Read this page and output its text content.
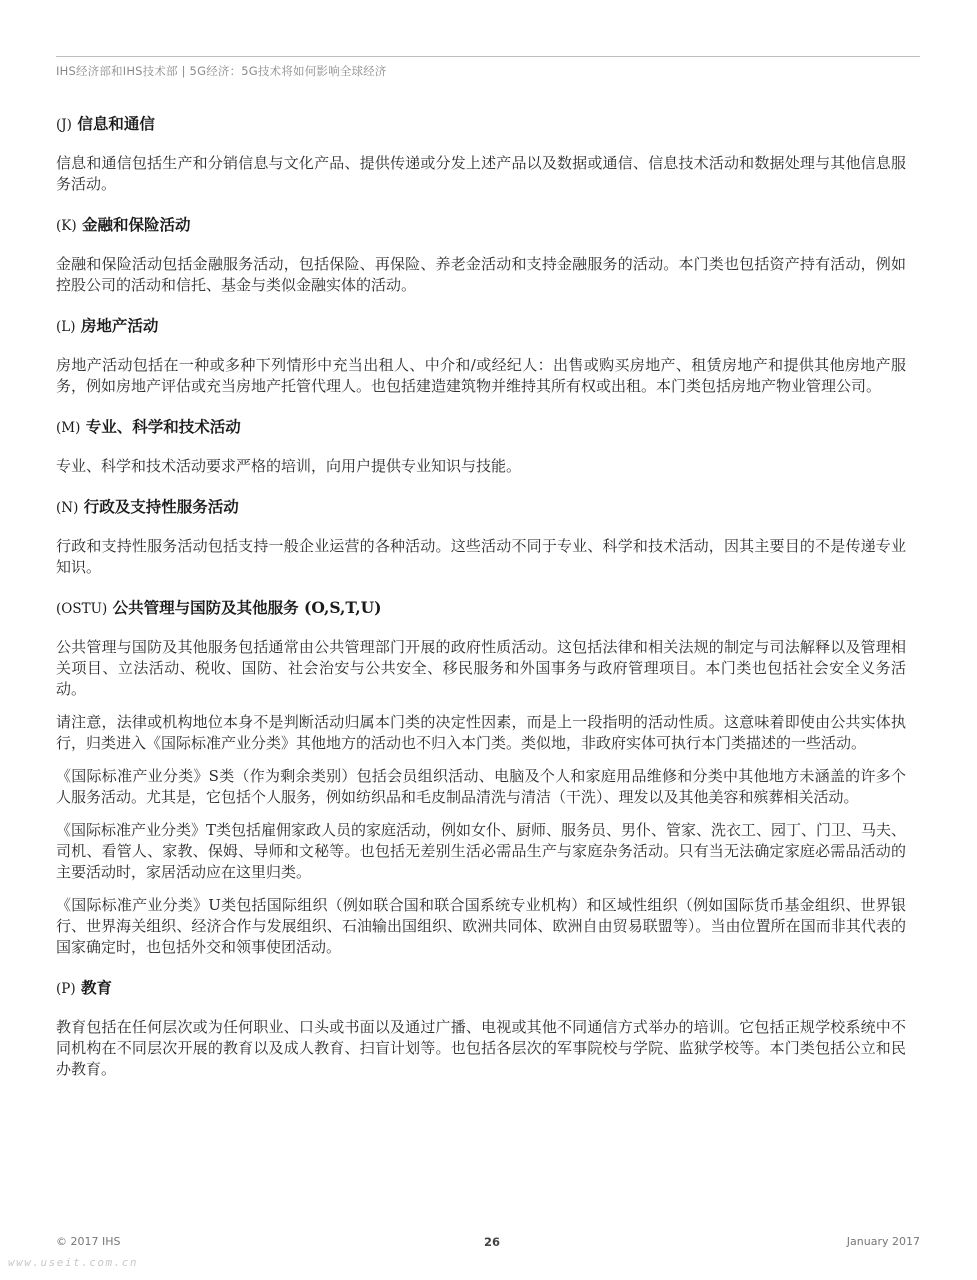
IHS经济部和IHS技术部 | 5G经济：5G技术将如何影响全球经济
(J) 信息和通信

信息和通信包括生产和分销信息与文化产品、提供传递或分发上述产品以及数据或通信、信息技术活动和数据处理与其他信息服务活动。

(K) 金融和保险活动

金融和保险活动包括金融服务活动，包括保险、再保险、养老金活动和支持金融服务的活动。本门类也包括资产持有活动，例如控股公司的活动和信托、基金与类似金融实体的活动。

(L) 房地产活动

房地产活动包括在一种或多种下列情形中充当出租人、中介和/或经纪人：出售或购买房地产、租赁房地产和提供其他房地产服务，例如房地产评估或充当房地产托管代理人。也包括建造建筑物并维持其所有权或出租。本门类包括房地产物业管理公司。

(M) 专业、科学和技术活动

专业、科学和技术活动要求严格的培训，向用户提供专业知识与技能。

(N) 行政及支持性服务活动

行政和支持性服务活动包括支持一般企业运营的各种活动。这些活动不同于专业、科学和技术活动，因其主要目的不是传递专业知识。

(OSTU) 公共管理与国防及其他服务 (O,S,T,U)

公共管理与国防及其他服务包括通常由公共管理部门开展的政府性质活动。这包括法律和相关法规的制定与司法解释以及管理相关项目、立法活动、税收、国防、社会治安与公共安全、移民服务和外国事务与政府管理项目。本门类也包括社会安全义务活动。

请注意，法律或机构地位本身不是判断活动归属本门类的决定性因素，而是上一段指明的活动性质。这意味着即使由公共实体执行，归类进入《国际标准产业分类》其他地方的活动也不归入本门类。类似地，非政府实体可执行本门类描述的一些活动。

《国际标准产业分类》S类（作为剩余类别）包括会员组织活动、电脑及个人和家庭用品维修和分类中其他地方未涵盖的许多个人服务活动。尤其是，它包括个人服务，例如纺织品和毛皮制品清洗与清洁（干洗）、理发以及其他美容和殡葬相关活动。

《国际标准产业分类》T类包括雇佣家政人员的家庭活动，例如女仆、厨师、服务员、男仆、管家、洗衣工、园丁、门卫、马夫、司机、看管人、家教、保姆、导师和文秘等。也包括无差别生活必需品生产与家庭杂务活动。只有当无法确定家庭必需品活动的主要活动时，家居活动应在这里归类。

《国际标准产业分类》U类包括国际组织（例如联合国和联合国系统专业机构）和区域性组织（例如国际货币基金组织、世界银行、世界海关组织、经济合作与发展组织、石油输出国组织、欧洲共同体、欧洲自由贸易联盟等）。当由位置所在国而非其代表的国家确定时，也包括外交和领事使团活动。

(P) 教育

教育包括在任何层次或为任何职业、口头或书面以及通过广播、电视或其他不同通信方式举办的培训。它包括正规学校系统中不同机构在不同层次开展的教育以及成人教育、扫盲计划等。也包括各层次的军事院校与学院、监狱学校等。本门类包括公立和民办教育。

© 2017 IHS	26	January 2017
www.useit.com.cn
